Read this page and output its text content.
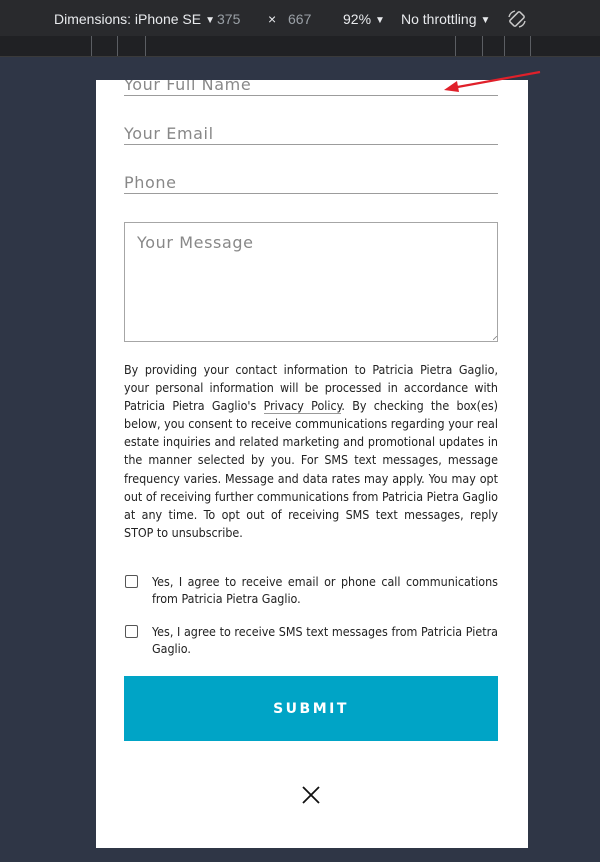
Dimensions: iPhone SE ▼ 375 × 667 92% ▼ No throttling ▼
Your Full Name
Your Email
Phone
Your Message

By providing your contact information to Patricia Pietra Gaglio, your personal information will be processed in accordance with Patricia Pietra Gaglio's Privacy Policy. By checking the box(es) below, you consent to receive communications regarding your real estate inquiries and related marketing and promotional updates in the manner selected by you. For SMS text messages, message frequency varies. Message and data rates may apply. You may opt out of receiving further communications from Patricia Pietra Gaglio at any time. To opt out of receiving SMS text messages, reply STOP to unsubscribe.

Yes, I agree to receive email or phone call communications from Patricia Pietra Gaglio.

Yes, I agree to receive SMS text messages from Patricia Pietra Gaglio.

SUBMIT
